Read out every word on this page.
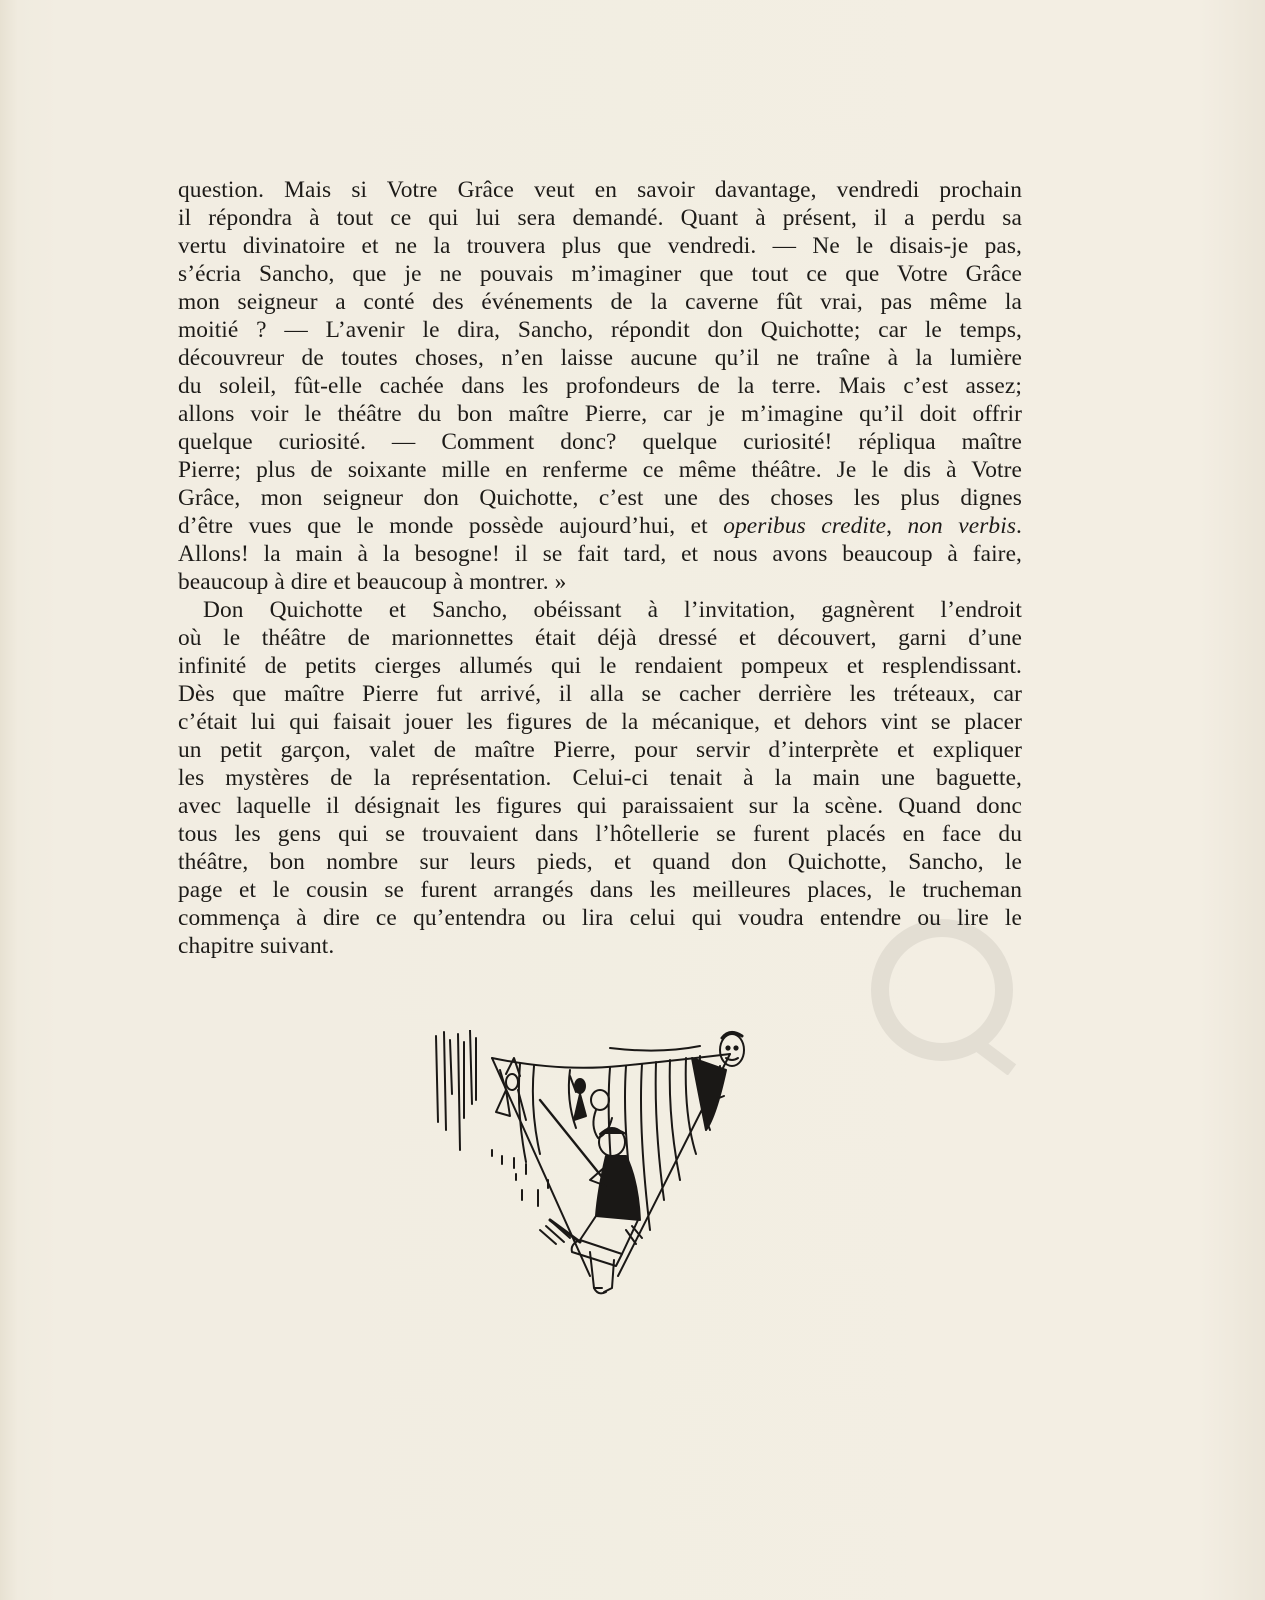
question. Mais si Votre Grâce veut en savoir davantage, vendredi prochain
il répondra à tout ce qui lui sera demandé. Quant à présent, il a perdu sa
vertu divinatoire et ne la trouvera plus que vendredi. — Ne le disais-je pas,
s’écria Sancho, que je ne pouvais m’imaginer que tout ce que Votre Grâce
mon seigneur a conté des événements de la caverne fût vrai, pas même la
moitié ? — L’avenir le dira, Sancho, répondit don Quichotte; car le temps,
découvreur de toutes choses, n’en laisse aucune qu’il ne traîne à la lumière
du soleil, fût-elle cachée dans les profondeurs de la terre. Mais c’est assez;
allons voir le théâtre du bon maître Pierre, car je m’imagine qu’il doit offrir
quelque curiosité. — Comment donc? quelque curiosité! répliqua maître
Pierre; plus de soixante mille en renferme ce même théâtre. Je le dis à Votre
Grâce, mon seigneur don Quichotte, c’est une des choses les plus dignes
d’être vues que le monde possède aujourd’hui, et operibus credite, non verbis.
Allons! la main à la besogne! il se fait tard, et nous avons beaucoup à faire,
beaucoup à dire et beaucoup à montrer. »
Don Quichotte et Sancho, obéissant à l’invitation, gagnèrent l’endroit
où le théâtre de marionnettes était déjà dressé et découvert, garni d’une
infinité de petits cierges allumés qui le rendaient pompeux et resplendissant.
Dès que maître Pierre fut arrivé, il alla se cacher derrière les tréteaux, car
c’était lui qui faisait jouer les figures de la mécanique, et dehors vint se placer
un petit garçon, valet de maître Pierre, pour servir d’interprète et expliquer
les mystères de la représentation. Celui-ci tenait à la main une baguette,
avec laquelle il désignait les figures qui paraissaient sur la scène. Quand donc
tous les gens qui se trouvaient dans l’hôtellerie se furent placés en face du
théâtre, bon nombre sur leurs pieds, et quand don Quichotte, Sancho, le
page et le cousin se furent arrangés dans les meilleures places, le trucheman
commença à dire ce qu’entendra ou lira celui qui voudra entendre ou lire le
chapitre suivant.
